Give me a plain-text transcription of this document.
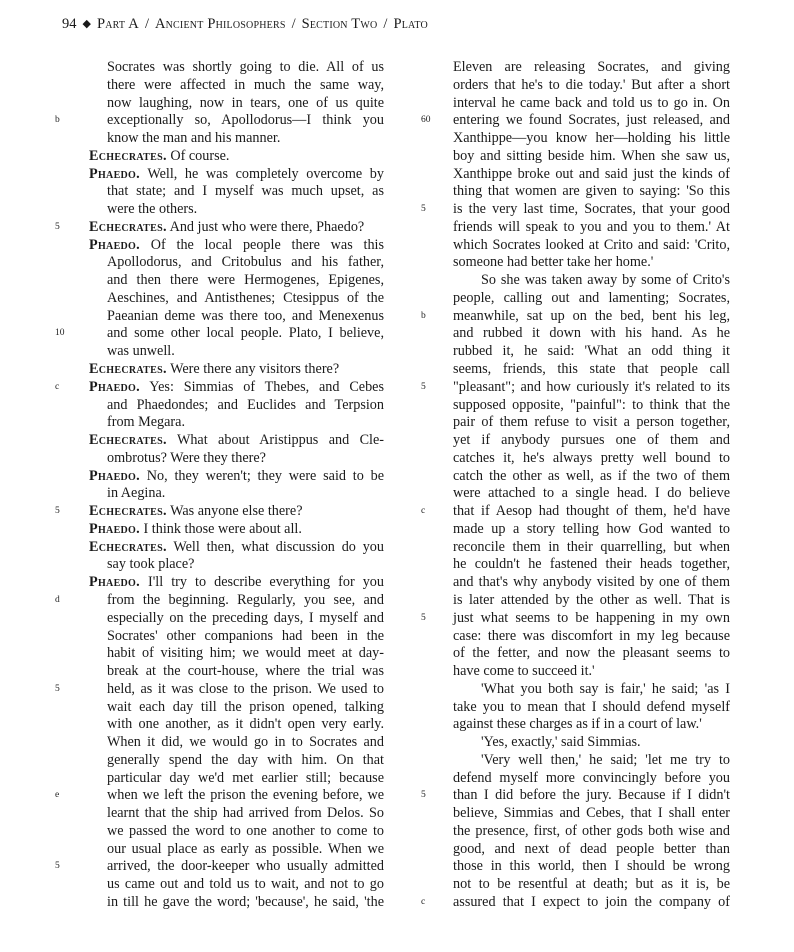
94 ◆ Part A / Ancient Philosophers / Section Two / Plato
Socrates was shortly going to die. All of us
there were affected in much the same way,
now laughing, now in tears, one of us quite
b	exceptionally so, Apollodorus—I think you
know the man and his manner.
Echecrates. Of course.
Phaedo. Well, he was completely overcome by
that state; and I myself was much upset, as
were the others.
5	Echecrates. And just who were there, Phaedo?
Phaedo. Of the local people there was this
Apollodorus, and Critobulus and his father,
and then there were Hermogenes, Epigenes,
Aeschines, and Antisthenes; Ctesippus of the
Paeanian deme was there too, and Menexenus
10	and some other local people. Plato, I believe,
was unwell.
Echecrates. Were there any visitors there?
c	Phaedo. Yes: Simmias of Thebes, and Cebes
and Phaedondes; and Euclides and Terpsion
from Megara.
Echecrates. What about Aristippus and Cle-
ombrotus? Were they there?
Phaedo. No, they weren't; they were said to be
in Aegina.
5	Echecrates. Was anyone else there?
Phaedo. I think those were about all.
Echecrates. Well then, what discussion do you
say took place?
Phaedo. I'll try to describe everything for you
d	from the beginning. Regularly, you see, and
especially on the preceding days, I myself and
Socrates' other companions had been in the
habit of visiting him; we would meet at day-
break at the court-house, where the trial was
5	held, as it was close to the prison. We used to
wait each day till the prison opened, talking
with one another, as it didn't open very early.
When it did, we would go in to Socrates and
generally spend the day with him. On that
particular day we'd met earlier still; because
e	when we left the prison the evening before, we
learnt that the ship had arrived from Delos. So
we passed the word to one another to come to
our usual place as early as possible. When we
5	arrived, the door-keeper who usually admitted
us came out and told us to wait, and not to go
in till he gave the word; 'because', he said, 'the
Eleven are releasing Socrates, and giving
orders that he's to die today.' But after a short
interval he came back and told us to go in. On
60	entering we found Socrates, just released, and
Xanthippe—you know her—holding his little
boy and sitting beside him. When she saw us,
Xanthippe broke out and said just the kinds of
thing that women are given to saying: 'So this
5	is the very last time, Socrates, that your good
friends will speak to you and you to them.' At
which Socrates looked at Crito and said: 'Crito,
someone had better take her home.'
So she was taken away by some of Crito's
people, calling out and lamenting; Socrates,
b	meanwhile, sat up on the bed, bent his leg,
and rubbed it down with his hand. As he
rubbed it, he said: 'What an odd thing it
seems, friends, this state that people call
5	"pleasant"; and how curiously it's related to its
supposed opposite, "painful": to think that the
pair of them refuse to visit a person together,
yet if anybody pursues one of them and
catches it, he's always pretty well bound to
catch the other as well, as if the two of them
were attached to a single head. I do believe
c	that if Aesop had thought of them, he'd have
made up a story telling how God wanted to
reconcile them in their quarrelling, but when
he couldn't he fastened their heads together,
and that's why anybody visited by one of them
is later attended by the other as well. That is
5	just what seems to be happening in my own
case: there was discomfort in my leg because
of the fetter, and now the pleasant seems to
have come to succeed it.'
'What you both say is fair,' he said; 'as I
take you to mean that I should defend myself
against these charges as if in a court of law.'
'Yes, exactly,' said Simmias.
'Very well then,' he said; 'let me try to
defend myself more convincingly before you
5	than I did before the jury. Because if I didn't
believe, Simmias and Cebes, that I shall enter
the presence, first, of other gods both wise and
good, and next of dead people better than
those in this world, then I should be wrong
not to be resentful at death; but as it is, be
c	assured that I expect to join the company of
